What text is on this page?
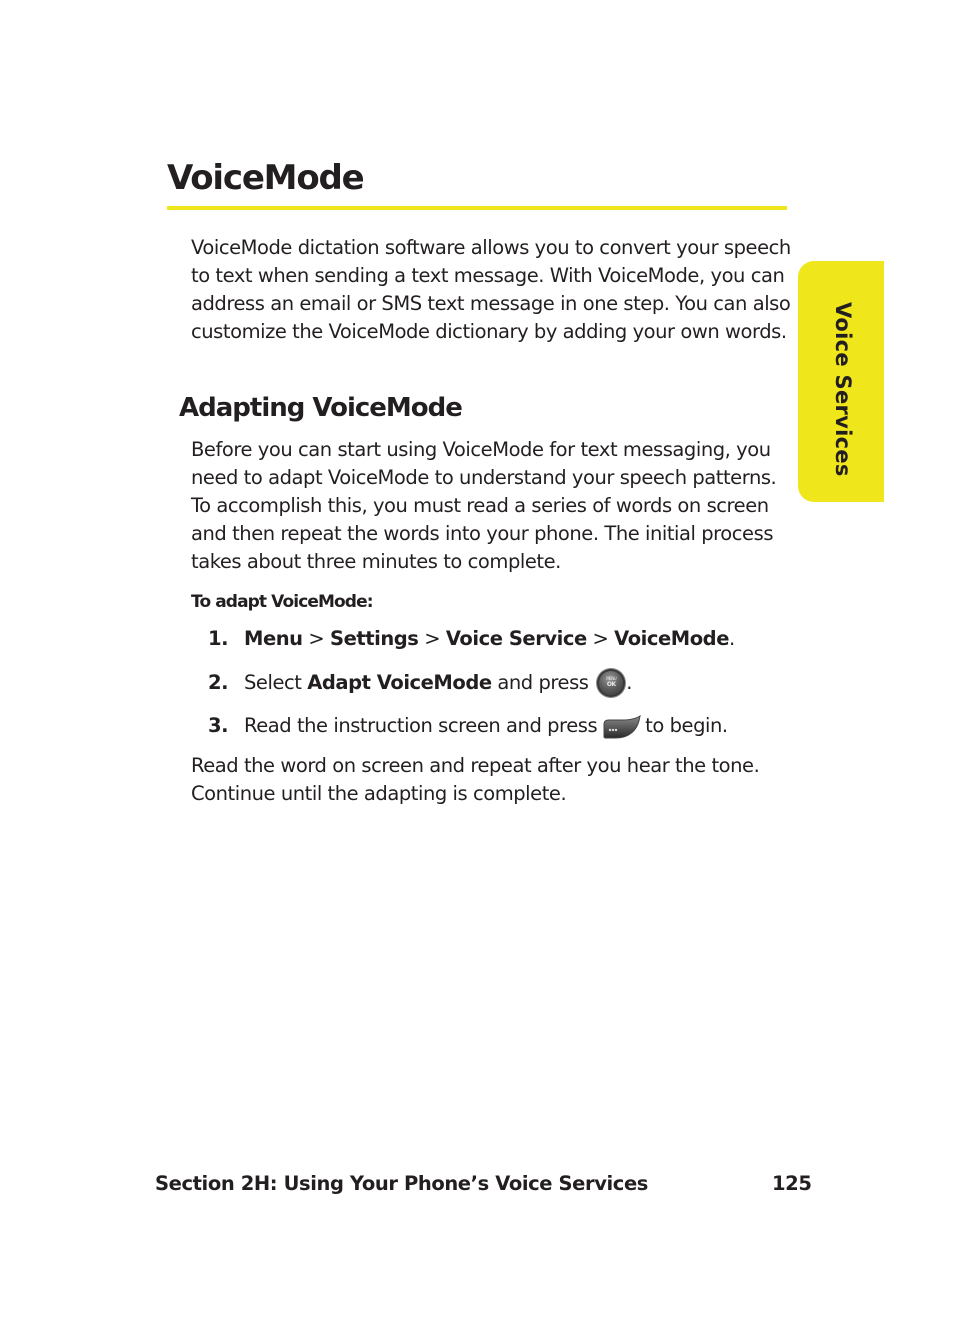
VoiceMode

VoiceMode dictation software allows you to convert your speech to text when sending a text message. With VoiceMode, you can address an email or SMS text message in one step. You can also customize the VoiceMode dictionary by adding your own words.

Adapting VoiceMode

Before you can start using VoiceMode for text messaging, you need to adapt VoiceMode to understand your speech patterns. To accomplish this, you must read a series of words on screen and then repeat the words into your phone. The initial process takes about three minutes to complete.

To adapt VoiceMode:

1. Menu > Settings > Voice Service > VoiceMode.
2. Select Adapt VoiceMode and press	MENU
OK .
3. Read the instruction screen and press to begin.

Read the word on screen and repeat after you hear the tone. Continue until the adapting is complete.

Voice Services

Section 2H: Using Your Phone’s Voice Services	125
